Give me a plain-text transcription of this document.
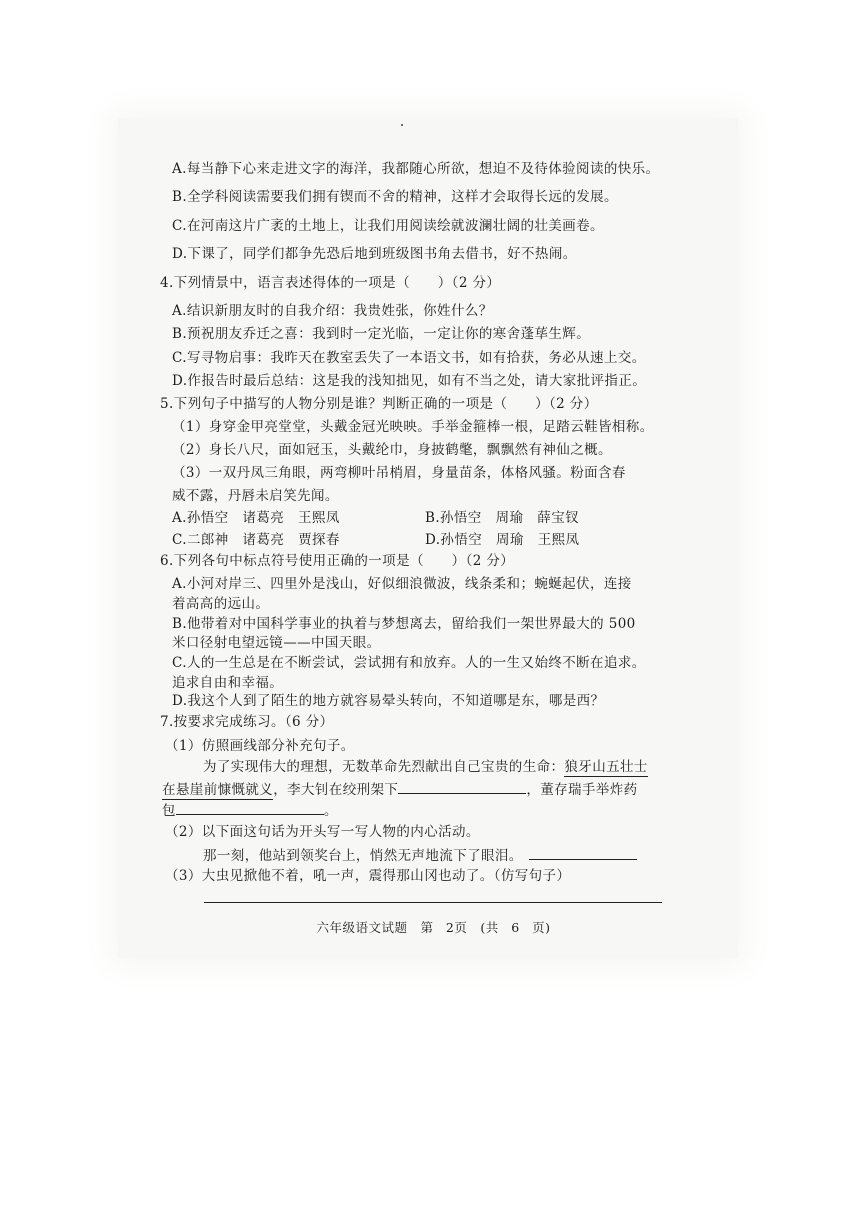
A.每当静下心来走进文字的海洋，我都随心所欲，想迫不及待体验阅读的快乐。
B.全学科阅读需要我们拥有锲而不舍的精神，这样才会取得长远的发展。
C.在河南这片广袤的土地上，让我们用阅读绘就波澜壮阔的壮美画卷。
D.下课了，同学们都争先恐后地到班级图书角去借书，好不热闹。
4.下列情景中，语言表述得体的一项是（　　）（2 分）
A.结识新朋友时的自我介绍：我贵姓张，你姓什么？
B.预祝朋友乔迁之喜：我到时一定光临，一定让你的寒舍蓬荜生辉。
C.写寻物启事：我昨天在教室丢失了一本语文书，如有拾获，务必从速上交。
D.作报告时最后总结：这是我的浅知拙见，如有不当之处，请大家批评指正。
5.下列句子中描写的人物分别是谁？判断正确的一项是（　　）（2 分）
（1）身穿金甲亮堂堂，头戴金冠光映映。手举金箍棒一根，足踏云鞋皆相称。
（2）身长八尺，面如冠玉，头戴纶巾，身披鹤氅，飘飘然有神仙之概。
（3）一双丹凤三角眼，两弯柳叶吊梢眉，身量苗条，体格风骚。粉面含春
威不露，丹唇未启笑先闻。
A.孙悟空　诸葛亮　王熙凤	B.孙悟空　周瑜　薛宝钗
C.二郎神　诸葛亮　贾探春	D.孙悟空　周瑜　王熙凤
6.下列各句中标点符号使用正确的一项是（　　）（2 分）
A.小河对岸三、四里外是浅山，好似细浪微波，线条柔和；蜿蜒起伏，连接
着高高的远山。
B.他带着对中国科学事业的执着与梦想离去，留给我们一架世界最大的 500
米口径射电望远镜——中国天眼。
C.人的一生总是在不断尝试，尝试拥有和放弃。人的一生又始终不断在追求。
追求自由和幸福。
D.我这个人到了陌生的地方就容易晕头转向，不知道哪是东，哪是西？
7.按要求完成练习。（6 分）
（1）仿照画线部分补充句子。
为了实现伟大的理想，无数革命先烈献出自己宝贵的生命：狼牙山五壮士
在悬崖前慷慨就义，李大钊在绞刑架下	，董存瑞手举炸药
包	。
（2）以下面这句话为开头写一写人物的内心活动。
那一刻，他站到领奖台上，悄然无声地流下了眼泪。
（3）大虫见掀他不着，吼一声，震得那山冈也动了。（仿写句子）
六年级语文试题　第 2页　(共 6 页)
